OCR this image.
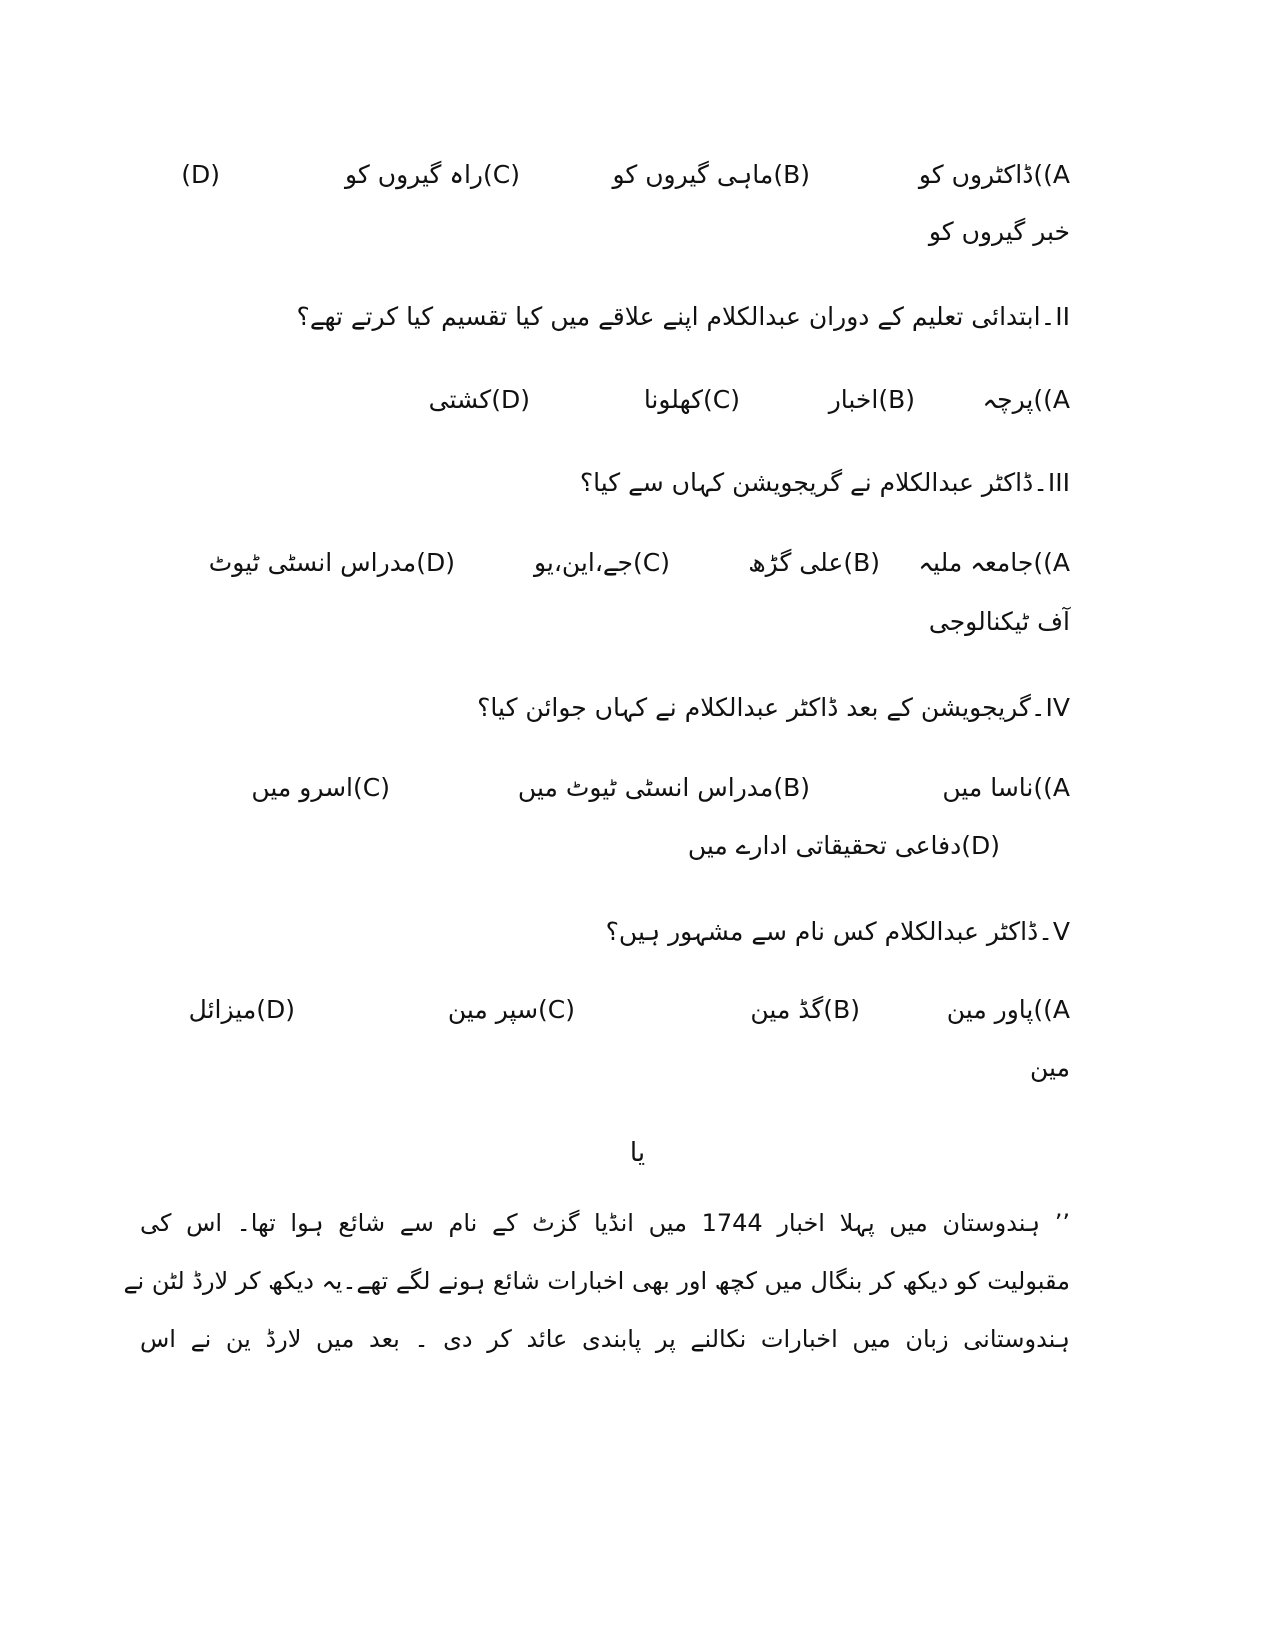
A))ڈاکٹروں کو
(B)ماہی گیروں کو
(C)راہ گیروں کو
(D)
خبر گیروں کو
II۔ابتدائی تعلیم کے دوران عبدالکلام اپنے علاقے میں کیا تقسیم کیا کرتے تھے؟
A))پرچہ
(B)اخبار
(C)کھلونا
(D)کشتی
III۔ڈاکٹر عبدالکلام نے گریجویشن کہاں سے کیا؟
A))جامعہ ملیہ
(B)علی گڑھ
(C)جے،این،یو
(D)مدراس انسٹی ٹیوٹ
آف ٹیکنالوجی
IV۔گریجویشن کے بعد ڈاکٹر عبدالکلام نے کہاں جوائن کیا؟
A))ناسا میں
(B)مدراس انسٹی ٹیوٹ میں
(C)اسرو میں
(D)دفاعی تحقیقاتی ادارے میں
V۔ڈاکٹر عبدالکلام کس نام سے مشہور ہیں؟
A))پاور مین
(B)گڈ مین
(C)سپر مین
(D)میزائل
مین
یا
’’ ہندوستان میں پہلا اخبار 1744 میں انڈیا گزٹ کے نام سے شائع ہوا تھا۔ اس کی
مقبولیت کو دیکھ کر بنگال میں کچھ اور بھی اخبارات شائع ہونے لگے تھے۔یہ دیکھ کر لارڈ لٹن نے
ہندوستانی زبان میں اخبارات نکالنے پر پابندی عائد کر دی ۔ بعد میں لارڈ ین نے اس
